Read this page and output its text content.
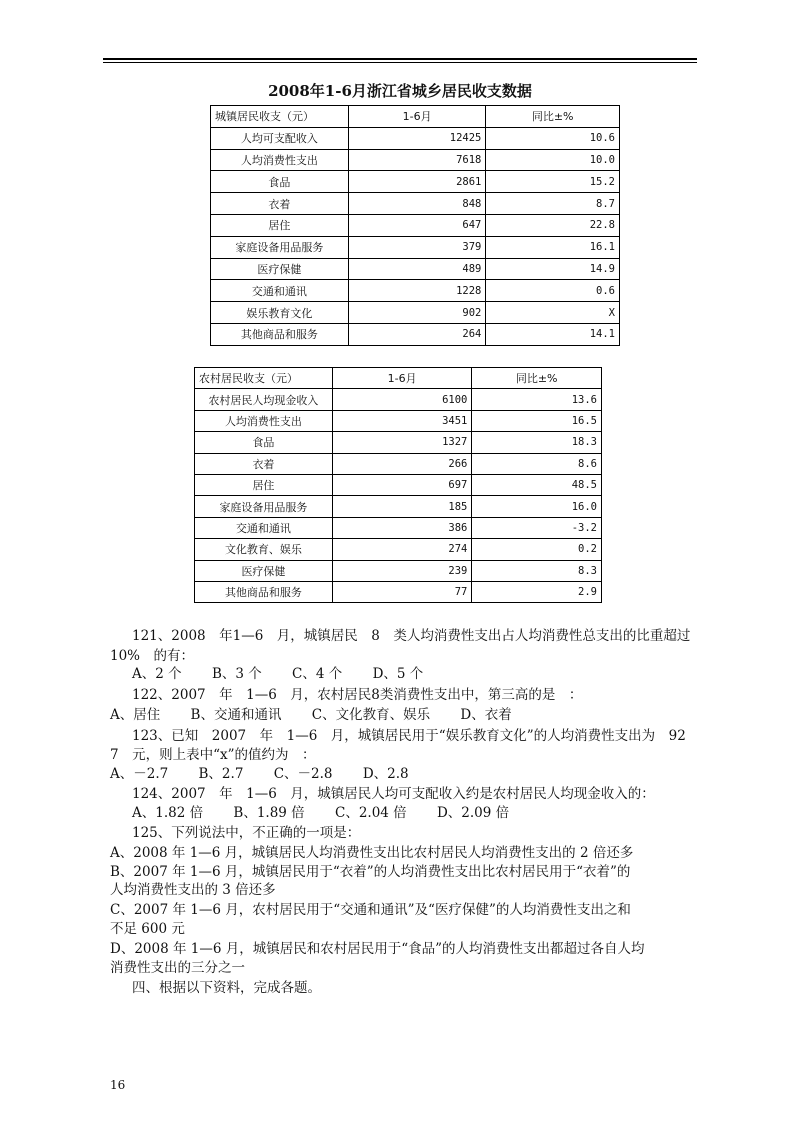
2008年1-6月浙江省城乡居民收支数据
城镇居民收支（元）	1-6月	同比±%
人均可支配收入	12425	10.6
人均消费性支出	7618	10.0
食品	2861	15.2
衣着	848	8.7
居住	647	22.8
家庭设备用品服务	379	16.1
医疗保健	489	14.9
交通和通讯	1228	0.6
娱乐教育文化	902	X
其他商品和服务	264	14.1
农村居民收支（元）	1-6月	同比±%
农村居民人均现金收入	6100	13.6
人均消费性支出	3451	16.5
食品	1327	18.3
衣着	266	8.6
居住	697	48.5
家庭设备用品服务	185	16.0
交通和通讯	386	-3.2
文化教育、娱乐	274	0.2
医疗保健	239	8.3
其他商品和服务	77	2.9

121、2008　年1—6　月，城镇居民　8　类人均消费性支出占人均消费性总支出的比重超过

10%　的有：

A、2 个 B、3 个 C、4 个 D、5 个

122、2007　年　1—6　月，农村居民8类消费性支出中，第三高的是　：

A、居住 B、交通和通讯 C、文化教育、娱乐 D、衣着

123、已知　2007　年　1—6　月，城镇居民用于“娱乐教育文化”的人均消费性支出为　92

7　元，则上表中“x”的值约为　：

A、－2.7 B、2.7 C、－2.8 D、2.8

124、2007　年　1—6　月，城镇居民人均可支配收入约是农村居民人均现金收入的：

A、1.82 倍 B、1.89 倍 C、2.04 倍 D、2.09 倍

125、下列说法中，不正确的一项是：

A、2008 年 1—6 月，城镇居民人均消费性支出比农村居民人均消费性支出的 2 倍还多

B、2007 年 1—6 月，城镇居民用于“衣着”的人均消费性支出比农村居民用于“衣着”的

人均消费性支出的 3 倍还多

C、2007 年 1—6 月，农村居民用于“交通和通讯”及“医疗保健”的人均消费性支出之和

不足 600 元

D、2008 年 1—6 月，城镇居民和农村居民用于“食品”的人均消费性支出都超过各自人均

消费性支出的三分之一

四、根据以下资料，完成各题。

16
